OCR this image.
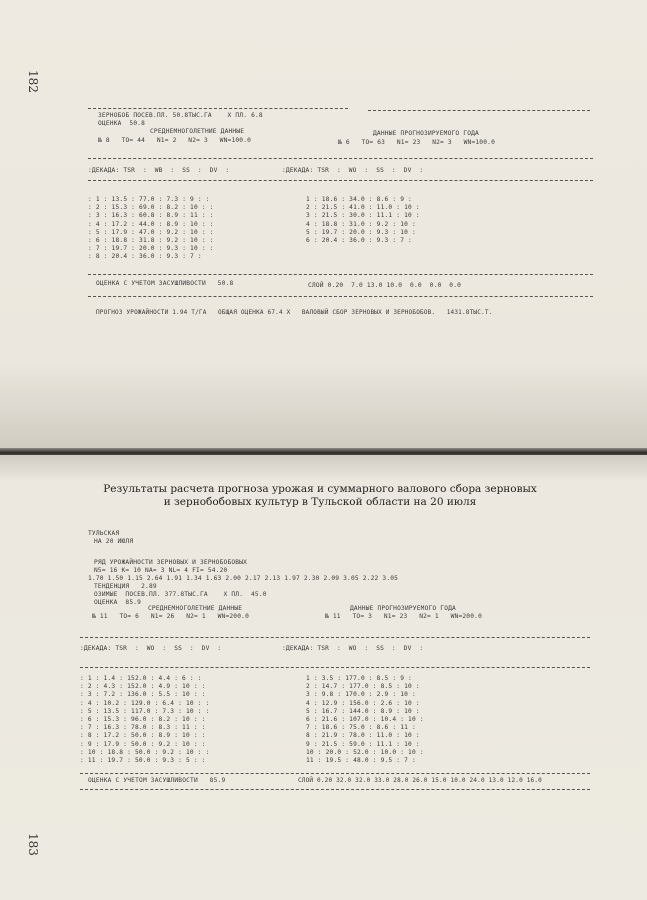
182
ЗЕРНОБОБ ПОСЕВ.ПЛ. 50.8ТЫС.ГА    Х ПЛ. 6.8
ОЦЕНКА  50.8
СРЕДНЕМНОГОЛЕТНИЕ ДАННЫЕ	ДАННЫЕ ПРОГНОЗИРУЕМОГО ГОДА
№ 8   TO= 44   N1= 2   N2= 3   WN=100.0	№ 6   TO= 63   N1= 23   N2= 3   WN=100.0
:ДЕКАДА: TSR  :  WB  :  SS  :  DV  :	:ДЕКАДА: TSR  :  WO  :  SS  :  DV  :
: 1 : 13.5 : 77.0 : 7.3 : 9 : :
: 2 : 15.3 : 69.0 : 8.2 : 10 : :
: 3 : 16.3 : 60.8 : 8.9 : 11 : :
: 4 : 17.2 : 44.0 : 8.9 : 10 : :
: 5 : 17.9 : 47.0 : 9.2 : 10 : :
: 6 : 18.8 : 31.8 : 9.2 : 10 : :
: 7 : 19.7 : 20.0 : 9.3 : 10 : :
: 8 : 20.4 : 36.0 : 9.3 : 7 :
1 : 18.6 : 34.0 : 8.6 : 9 :
2 : 21.5 : 41.0 : 11.0 : 10 :
3 : 21.5 : 30.0 : 11.1 : 10 :
4 : 18.8 : 31.0 : 9.2 : 10 :
5 : 19.7 : 20.0 : 9.3 : 10 :
6 : 20.4 : 36.0 : 9.3 : 7 :
ОЦЕНКА С УЧЕТОМ ЗАСУШЛИВОСТИ   50.8	СЛОЙ 0.20  7.0 13.0 10.0  0.0  0.0  0.0
ПРОГНОЗ УРОЖАЙНОСТИ 1.94 Т/ГА   ОБЩАЯ ОЦЕНКА 67.4 Х   ВАЛОВЫЙ СБОР ЗЕРНОВЫХ И ЗЕРНОБОБОВ.   1431.8ТЫС.Т.
Результаты расчета прогноза урожая и суммарного валового сбора зерновых
и зернобобовых культур в Тульской области на 20 июля
ТУЛЬСКАЯ
НА 20 ИЮЛЯ
РЯД УРОЖАЙНОСТИ ЗЕРНОВЫХ И ЗЕРНОБОБОВЫХ
N5= 16 K= 10 NA= 3 NL= 4 FI= 54.20
1.70 1.50 1.15 2.64 1.91 1.34 1.63 2.00 2.17 2.13 1.97 2.30 2.09 3.05 2.22 3.05
ТЕНДЕНЦИЯ   2.89
ОЗИМЫЕ  ПОСЕВ.ПЛ. 377.8ТЫС.ГА    Х ПЛ.  45.0
ОЦЕНКА  85.9
СРЕДНЕМНОГОЛЕТНИЕ ДАННЫЕ	ДАННЫЕ ПРОГНОЗИРУЕМОГО ГОДА
№ 11   TO= 6   N1= 26   N2= 1   WN=200.0	№ 11   TO= 3   N1= 23   N2= 1   WN=200.0
:ДЕКАДА: TSR  :  WO  :  SS  :  DV  :	:ДЕКАДА: TSR  :  WO  :  SS  :  DV  :
: 1 : 1.4 : 152.0 : 4.4 : 6 : :
: 2 : 4.3 : 152.0 : 4.9 : 10 : :
: 3 : 7.2 : 136.0 : 5.5 : 10 : :
: 4 : 10.2 : 129.0 : 6.4 : 10 : :
: 5 : 13.5 : 117.0 : 7.3 : 10 : :
: 6 : 15.3 : 96.0 : 8.2 : 10 : :
: 7 : 16.3 : 78.0 : 8.3 : 11 : :
: 8 : 17.2 : 50.0 : 8.9 : 10 : :
: 9 : 17.9 : 50.0 : 9.2 : 10 : :
: 10 : 18.8 : 50.0 : 9.2 : 10 : :
: 11 : 19.7 : 50.0 : 9.3 : 5 : :
1 : 3.5 : 177.0 : 8.5 : 9 :
2 : 14.7 : 177.0 : 8.5 : 10 :
3 : 9.8 : 170.0 : 2.9 : 10 :
4 : 12.9 : 156.0 : 2.6 : 10 :
5 : 16.7 : 144.0 : 8.9 : 10 :
6 : 21.6 : 107.0 : 10.4 : 10 :
7 : 18.6 : 75.0 : 8.6 : 11 :
8 : 21.9 : 78.0 : 11.0 : 10 :
9 : 21.5 : 59.0 : 11.1 : 10 :
10 : 20.0 : 52.0 : 10.0 : 10 :
11 : 19.5 : 48.0 : 9.5 : 7 :
ОЦЕНКА С УЧЕТОМ ЗАСУШЛИВОСТИ   85.9	СЛОЙ 0.20 32.0 32.0 33.0 28.0 26.0 15.0 10.0 24.0 13.0 12.0 16.0
183
